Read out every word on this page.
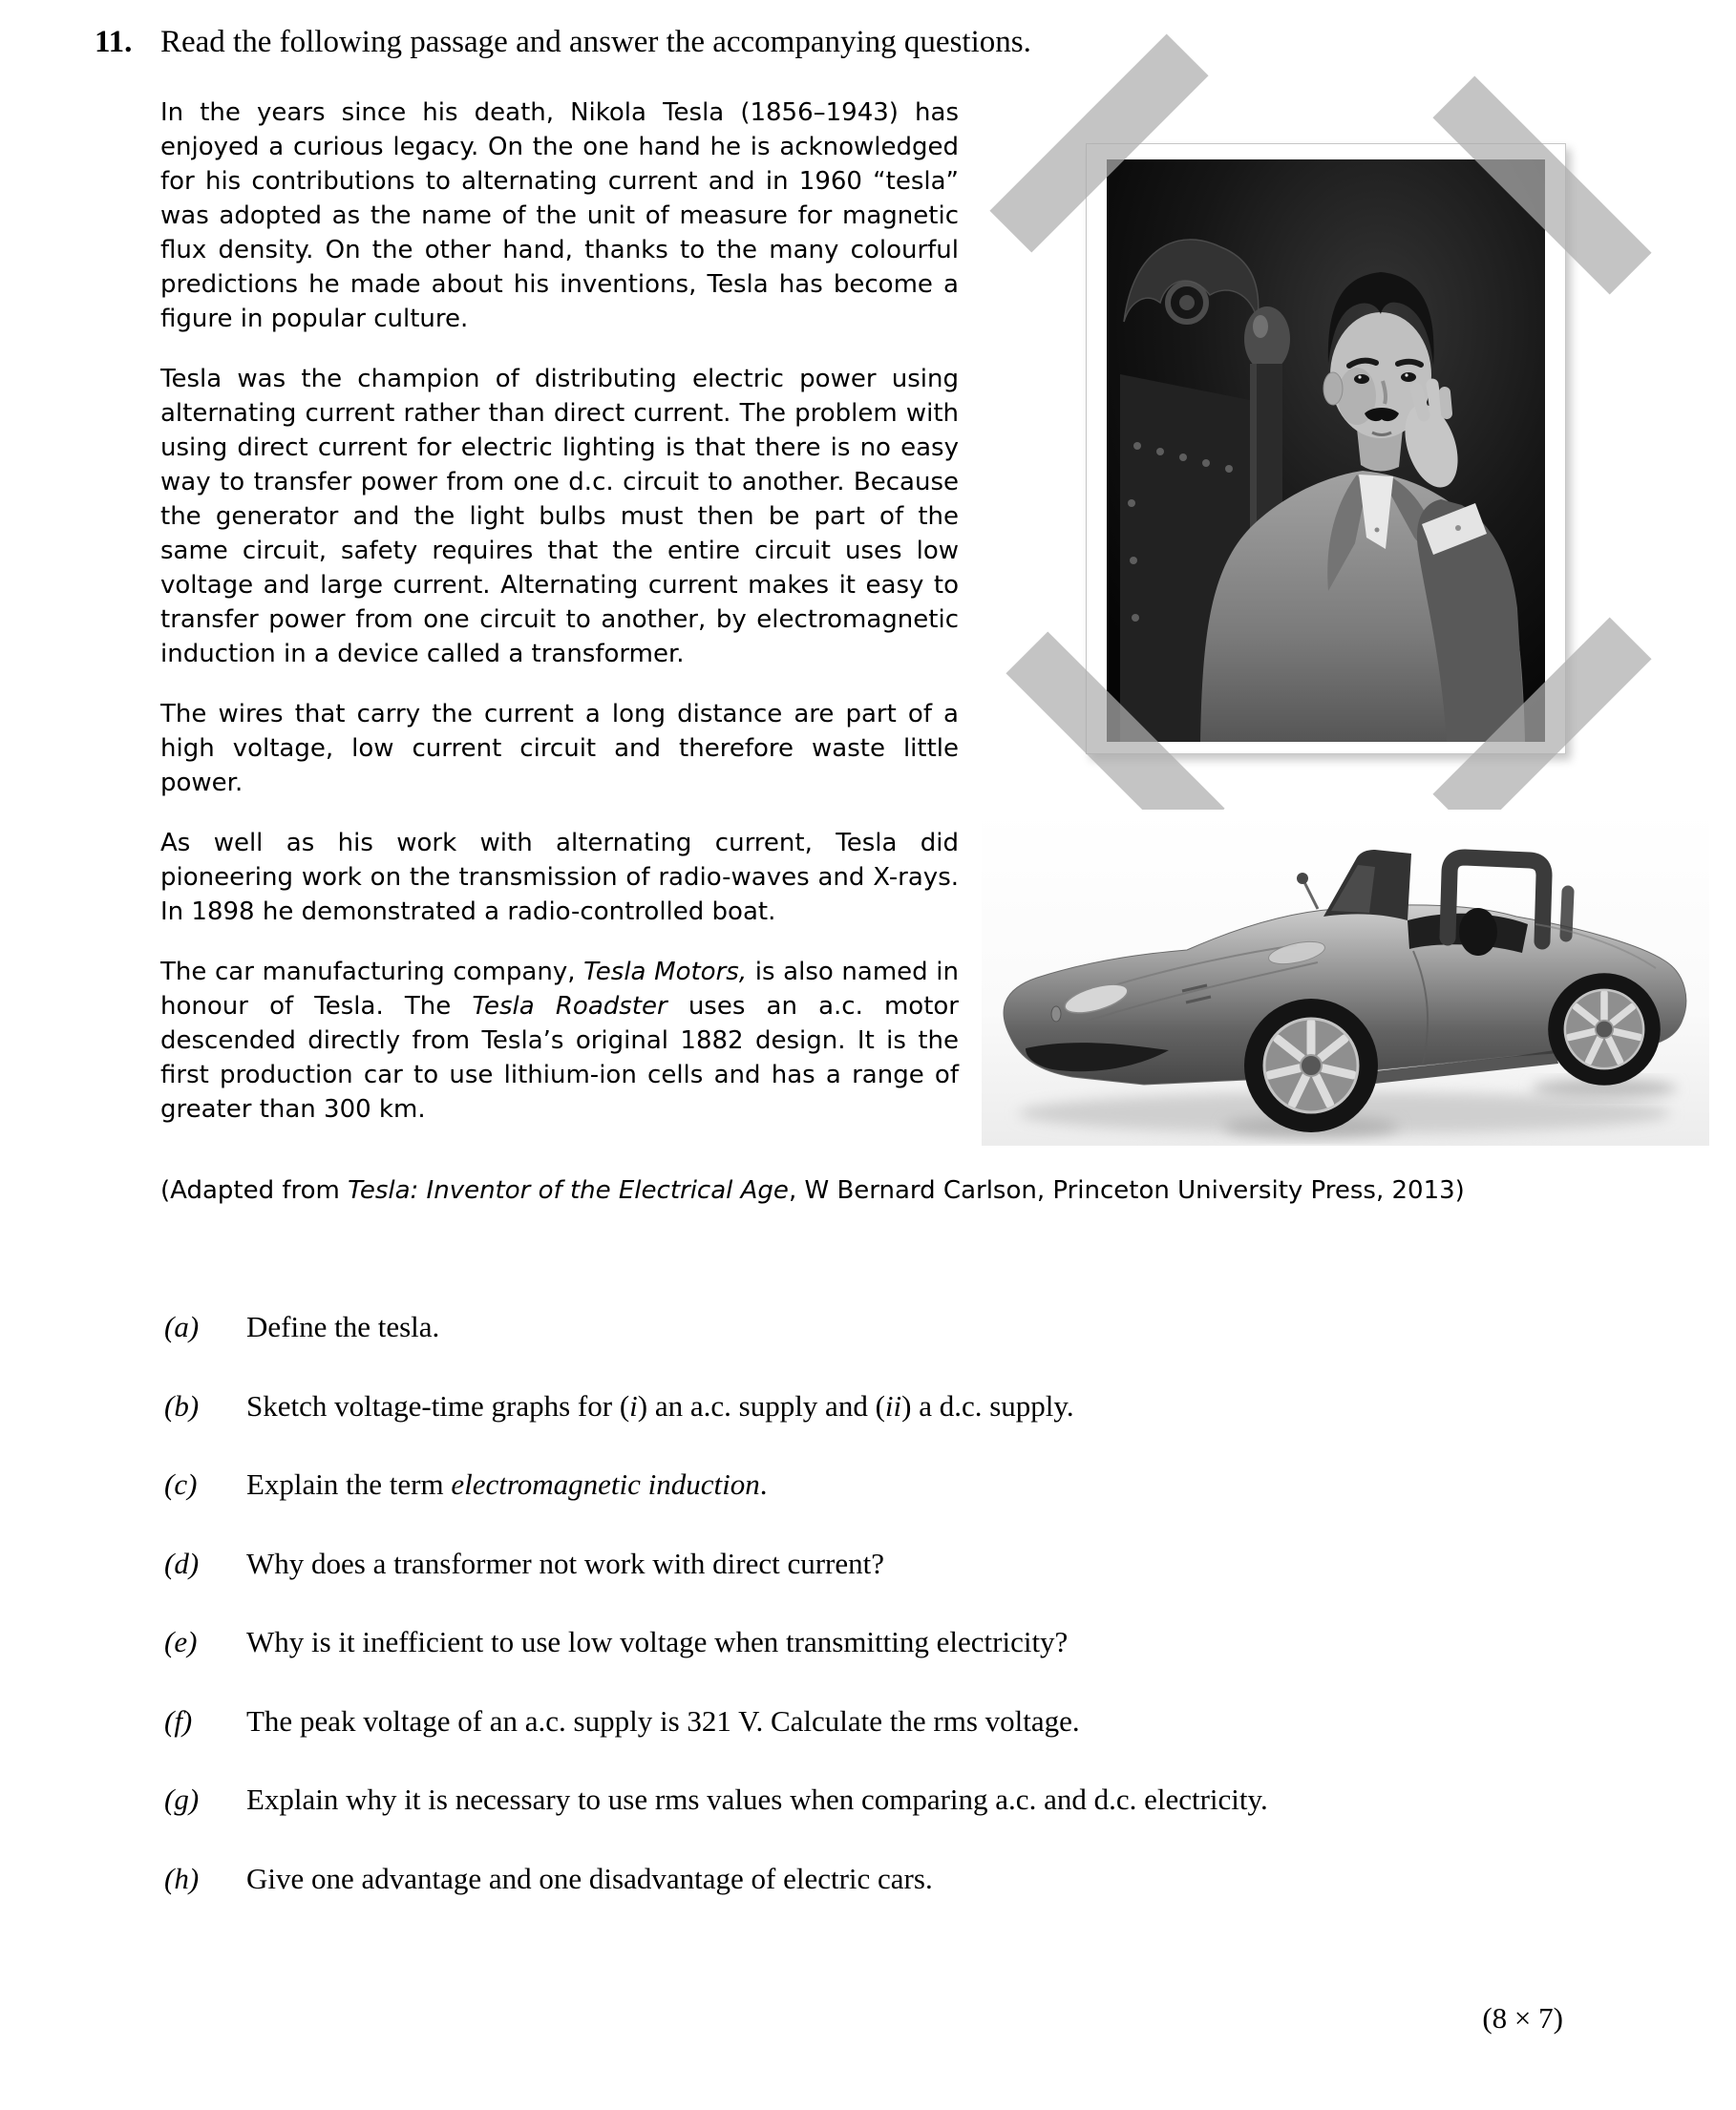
11. Read the following passage and answer the accompanying questions.

In the years since his death, Nikola Tesla (1856–1943) has enjoyed a curious legacy. On the one hand he is acknowledged for his contributions to alternating current and in 1960 “tesla” was adopted as the name of the unit of measure for magnetic flux density. On the other hand, thanks to the many colourful predictions he made about his inventions, Tesla has become a figure in popular culture.

Tesla was the champion of distributing electric power using alternating current rather than direct current. The problem with using direct current for electric lighting is that there is no easy way to transfer power from one d.c. circuit to another. Because the generator and the light bulbs must then be part of the same circuit, safety requires that the entire circuit uses low voltage and large current. Alternating current makes it easy to transfer power from one circuit to another, by electromagnetic induction in a device called a transformer.

The wires that carry the current a long distance are part of a high voltage, low current circuit and therefore waste little power.

As well as his work with alternating current, Tesla did pioneering work on the transmission of radio-waves and X-rays. In 1898 he demonstrated a radio-controlled boat.

The car manufacturing company, Tesla Motors, is also named in honour of Tesla. The Tesla Roadster uses an a.c. motor descended directly from Tesla’s original 1882 design. It is the first production car to use lithium-ion cells and has a range of greater than 300 km.

(Adapted from Tesla: Inventor of the Electrical Age, W Bernard Carlson, Princeton University Press, 2013)
(a)	Define the tesla.
(b)	Sketch voltage-time graphs for (i) an a.c. supply and (ii) a d.c. supply.
(c)	Explain the term electromagnetic induction.
(d)	Why does a transformer not work with direct current?
(e)	Why is it inefficient to use low voltage when transmitting electricity?
(f)	The peak voltage of an a.c. supply is 321 V. Calculate the rms voltage.
(g)	Explain why it is necessary to use rms values when comparing a.c. and d.c. electricity.
(h)	Give one advantage and one disadvantage of electric cars.
(8 × 7)
